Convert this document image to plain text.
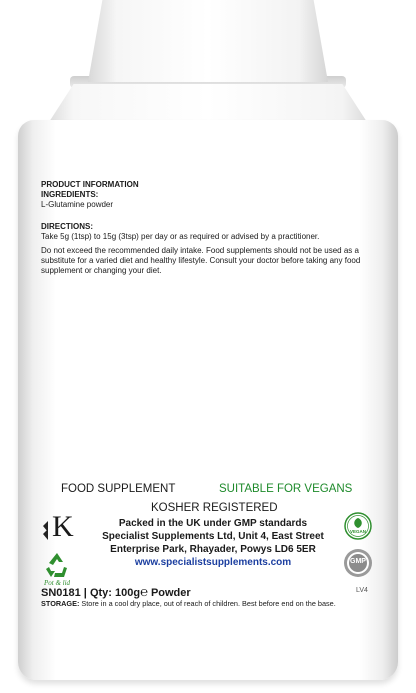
PRODUCT INFORMATION
INGREDIENTS:
L-Glutamine powder
DIRECTIONS:
Take 5g (1tsp) to 15g (3tsp) per day or as required or advised by a practitioner.
Do not exceed the recommended daily intake. Food supplements should not be used as a
substitute for a varied diet and healthy lifestyle. Consult your doctor before taking any food
supplement or changing your diet.
FOOD SUPPLEMENT	SUITABLE FOR VEGANS
KOSHER REGISTERED
Packed in the UK under GMP standards
Specialist Supplements Ltd, Unit 4, East Street
Enterprise Park, Rhayader, Powys LD6 5ER
www.specialistsupplements.com
K
Pot & lid
VEGAN
GMP
SN0181 | Qty: 100g℮ Powder	LV4
STORAGE: Store in a cool dry place, out of reach of children. Best before end on the base.
